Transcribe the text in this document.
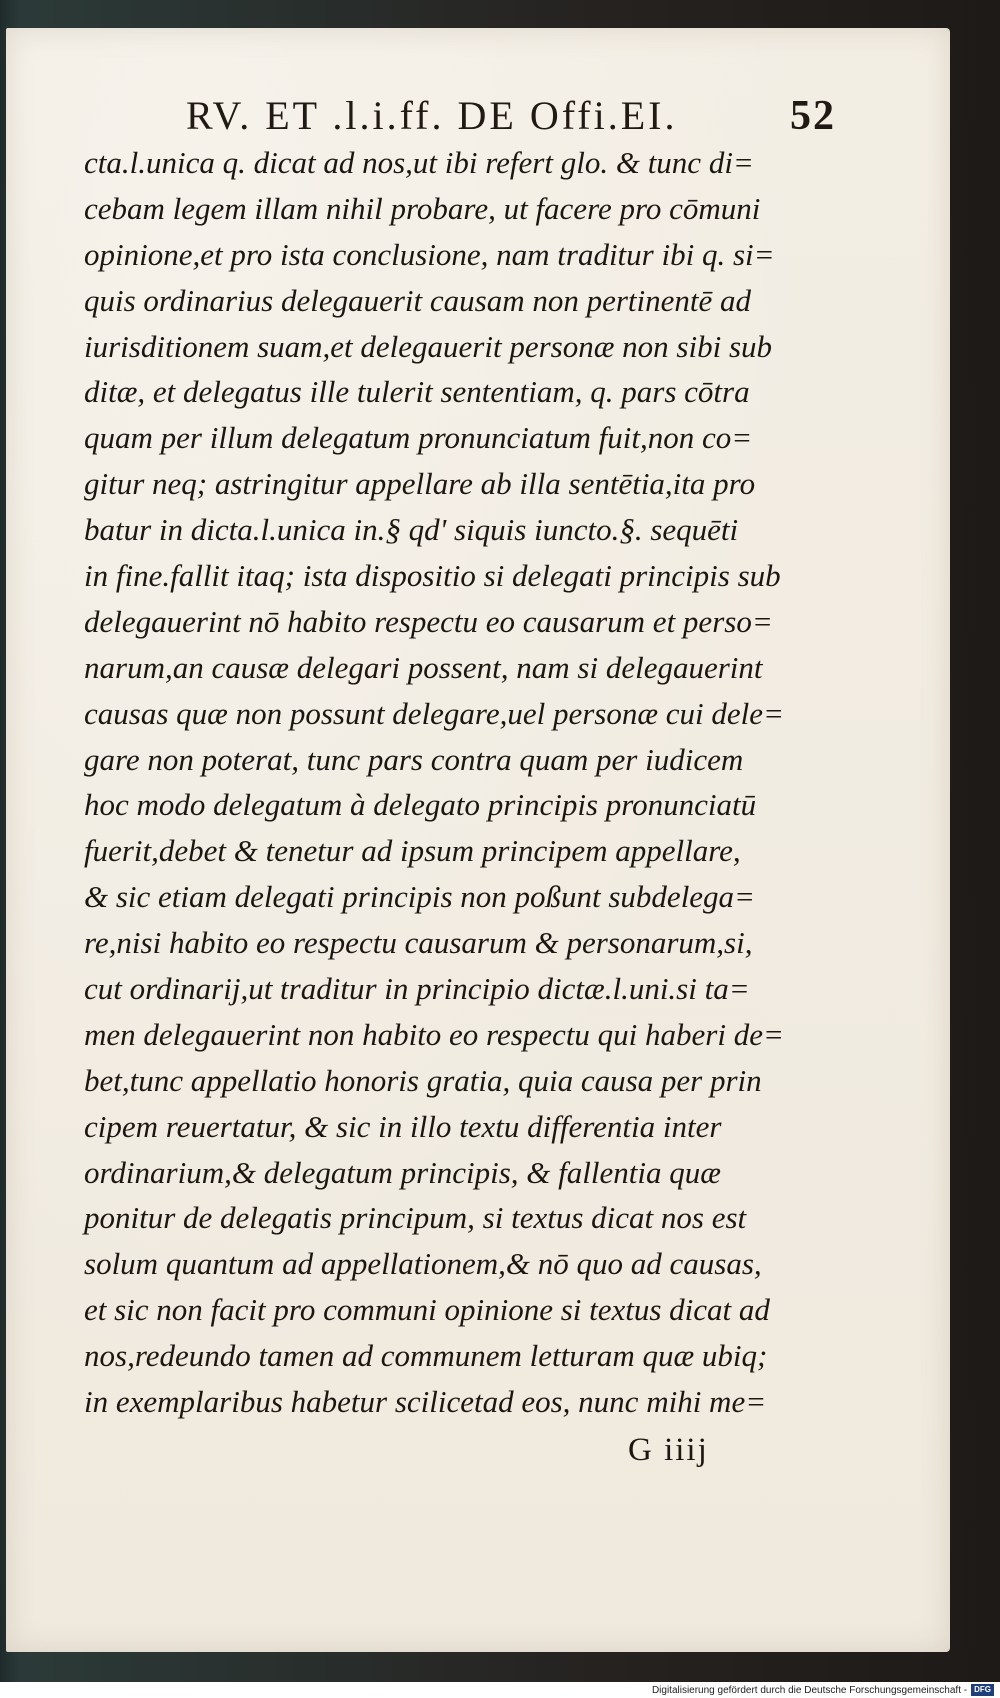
RV. ET .l.i.ff. DE Offi.EI.	52
cta.l.unica q. dicat ad nos,ut ibi refert glo. & tunc di=
cebam legem illam nihil probare, ut facere pro cōmuni
opinione,et pro ista conclusione, nam traditur ibi q. si=
quis ordinarius delegauerit causam non pertinentē ad
iurisditionem suam,et delegauerit personæ non sibi sub
ditæ, et delegatus ille tulerit sententiam, q. pars cōtra
quam per illum delegatum pronunciatum fuit,non co=
gitur neq; astringitur appellare ab illa sentētia,ita pro
batur in dicta.l.unica in.§ qd' siquis iuncto.§. sequēti
in fine.fallit itaq; ista dispositio si delegati principis sub
delegauerint nō habito respectu eo causarum et perso=
narum,an causæ delegari possent, nam si delegauerint
causas quæ non possunt delegare,uel personæ cui dele=
gare non poterat, tunc pars contra quam per iudicem
hoc modo delegatum à delegato principis pronunciatū
fuerit,debet & tenetur ad ipsum principem appellare,
& sic etiam delegati principis non poßunt subdelega=
re,nisi habito eo respectu causarum & personarum,si,
cut ordinarij,ut traditur in principio dictæ.l.uni.si ta=
men delegauerint non habito eo respectu qui haberi de=
bet,tunc appellatio honoris gratia, quia causa per prin
cipem reuertatur, & sic in illo textu differentia inter
ordinarium,& delegatum principis, & fallentia quæ
ponitur de delegatis principum, si textus dicat nos est
solum quantum ad appellationem,& nō quo ad causas,
et sic non facit pro communi opinione si textus dicat ad
nos,redeundo tamen ad communem letturam quæ ubiq;
in exemplaribus habetur scilicetad eos, nunc mihi me=
G iiij
Digitalisierung gefördert durch die Deutsche Forschungsgemeinschaft - DFG
